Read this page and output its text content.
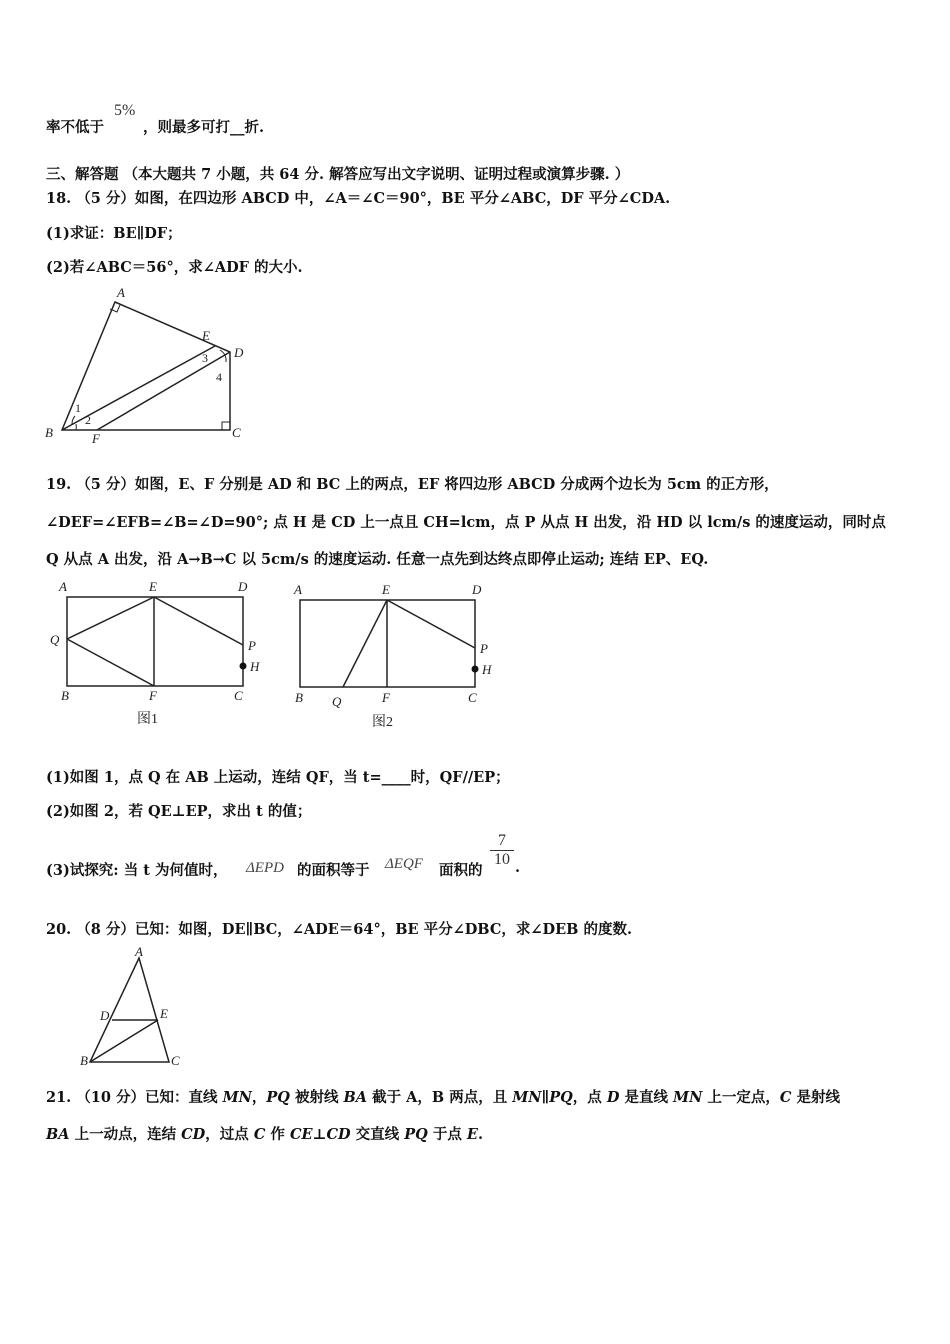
率不低于
5%
，则最多可打__折.
三、解答题 （本大题共 7 小题，共 64 分. 解答应写出文字说明、证明过程或演算步骤. ）
18. （5 分）如图，在四边形 ABCD 中，∠A＝∠C＝90°，BE 平分∠ABC，DF 平分∠CDA.
(1)求证：BE∥DF；
(2)若∠ABC＝56°，求∠ADF 的大小.
A
E
D
B	F	C
1
2
3
4
19. （5 分）如图，E、F 分别是 AD 和 BC 上的两点，EF 将四边形 ABCD 分成两个边长为 5cm 的正方形，
∠DEF=∠EFB=∠B=∠D=90°; 点 H 是 CD 上一点且 CH=lcm，点 P 从点 H 出发，沿 HD 以 lcm/s 的速度运动，同时点
Q 从点 A 出发，沿 A→B→C 以 5cm/s 的速度运动. 任意一点先到达终点即停止运动; 连结 EP、EQ.
A	E	D
Q	P
H
B	F	C
图1
A	E	D
P
H
B Q	F	C
图2
(1)如图 1，点 Q 在 AB 上运动，连结 QF，当 t=____时，QF//EP；
(2)如图 2，若 QE⊥EP，求出 t 的值；
(3)试探究: 当 t 为何值时， ΔEPD 的面积等于 ΔEQF 面积的
$\frac{7}{10}$ .
20. （8 分）已知：如图，DE∥BC，∠ADE＝64°，BE 平分∠DBC，求∠DEB 的度数.
A
D	E
B	C
21. （10 分）已知：直线 MN，PQ 被射线 BA 截于 A，B 两点，且 MN∥PQ，点 D 是直线 MN 上一定点，C 是射线
BA 上一动点，连结 CD，过点 C 作 CE⊥CD 交直线 PQ 于点 E.
